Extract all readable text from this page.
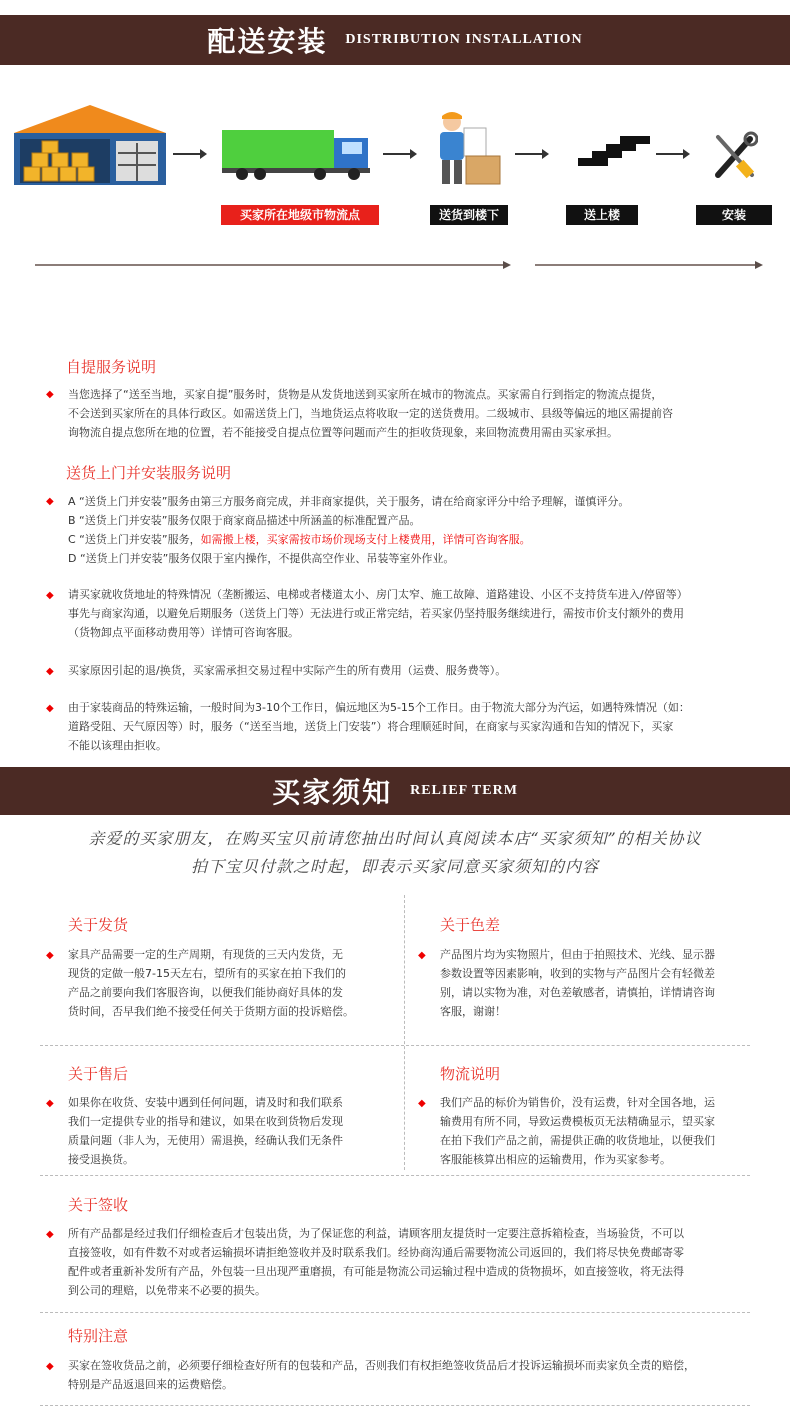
配送安装 DISTRIBUTION INSTALLATION
买家所在地级市物流点	送货到楼下	送上楼	安装
自提服务说明
◆ 当您选择了“送至当地，买家自提”服务时，货物是从发货地送到买家所在城市的物流点。买家需自行到指定的物流点提货，
不会送到买家所在的具体行政区。如需送货上门，当地货运点将收取一定的送货费用。二级城市、县级等偏远的地区需提前咨
询物流自提点您所在地的位置，若不能接受自提点位置等问题而产生的拒收货现象，来回物流费用需由买家承担。
送货上门并安装服务说明
◆ A “送货上门并安装”服务由第三方服务商完成，并非商家提供，关于服务，请在给商家评分中给予理解，谨慎评分。
B “送货上门并安装”服务仅限于商家商品描述中所涵盖的标准配置产品。
C “送货上门并安装”服务，如需搬上楼，买家需按市场价现场支付上楼费用，详情可咨询客服。
D “送货上门并安装”服务仅限于室内操作，不提供高空作业、吊装等室外作业。
◆ 请买家就收货地址的特殊情况（垄断搬运、电梯或者楼道太小、房门太窄、施工故障、道路建设、小区不支持货车进入/停留等）
事先与商家沟通，以避免后期服务（送货上门等）无法进行或正常完结，若买家仍坚持服务继续进行，需按市价支付额外的费用
（货物卸点平面移动费用等）详情可咨询客服。
◆ 买家原因引起的退/换货，买家需承担交易过程中实际产生的所有费用（运费、服务费等）。
◆ 由于家装商品的特殊运输，一般时间为3-10个工作日，偏远地区为5-15个工作日。由于物流大部分为汽运，如遇特殊情况（如：
道路受阻、天气原因等）时，服务（“送至当地，送货上门安装”）将合理顺延时间，在商家与买家沟通和告知的情况下，买家
不能以该理由拒收。
买家须知 RELIEF TERM
亲爱的买家朋友，在购买宝贝前请您抽出时间认真阅读本店“买家须知”的相关协议
拍下宝贝付款之时起，即表示买家同意买家须知的内容
关于发货
◆ 家具产品需要一定的生产周期，有现货的三天内发货，无
现货的定做一般7-15天左右，望所有的买家在拍下我们的
产品之前要向我们客服咨询，以便我们能协商好具体的发
货时间，否早我们绝不接受任何关于货期方面的投诉赔偿。
关于色差
◆ 产品图片均为实物照片，但由于拍照技术、光线、显示器
参数设置等因素影响，收到的实物与产品图片会有轻微差
别，请以实物为准，对色差敏感者，请慎拍，详情请咨询
客服，谢谢！
关于售后
◆ 如果你在收货、安装中遇到任何问题，请及时和我们联系
我们一定提供专业的指导和建议，如果在收到货物后发现
质量问题（非人为，无使用）需退换，经确认我们无条件
接受退换货。
物流说明
◆ 我们产品的标价为销售价，没有运费，针对全国各地，运
输费用有所不同，导致运费模板页无法精确显示，望买家
在拍下我们产品之前，需提供正确的收货地址，以便我们
客服能核算出相应的运输费用，作为买家参考。
关于签收
◆ 所有产品都是经过我们仔细检查后才包装出货，为了保证您的利益，请顾客朋友提货时一定要注意拆箱检查，当场验货，不可以
直接签收，如有件数不对或者运输损坏请拒绝签收并及时联系我们。经协商沟通后需要物流公司返回的，我们将尽快免费邮寄零
配件或者重新补发所有产品，外包装一旦出现严重磨损，有可能是物流公司运输过程中造成的货物损坏，如直接签收，将无法得
到公司的理赔，以免带来不必要的损失。
特别注意
◆ 买家在签收货品之前，必须要仔细检查好所有的包装和产品，否则我们有权拒绝签收货品后才投诉运输损坏而卖家负全责的赔偿，
特别是产品返退回来的运费赔偿。
